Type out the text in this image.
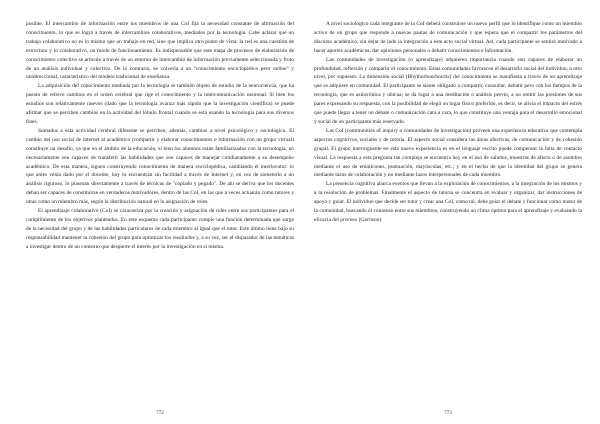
posible. El intercambio de información entre los miembros de una CoI fija la necesidad constante de afirmación del conocimiento, lo que se logra a través de intercambios colaborativos, mediados por la tecnología. Cabe aclarar que un trabajo colaborativo no es lo mismo que un trabajo en red, sino que implica otro punto de vista: la red es una cuestión de estructura y lo colaborativo, un modo de funcionamiento. Es indispensable que este mapa de procesos de elaboración de conocimiento colectivo se articule a través de un entorno de intercambio de información previamente seleccionada y fruto de un análisis individual y colectivo. De lo contrario, se volvería a un "conocimiento enciclopédico pero online" y unidireccional, característico del modelo tradicional de enseñanza.

La adquisición del conocimiento mediada por la tecnología se también objeto de estudio de la neurociencia, que ha puesto de relieve cambios en el orden cerebral que rige el conocimiento y la intercomunicación neuronal. Si bien los estudios son relativamente nuevos (dado que la tecnología avanza más rápido que la investigación científica) se puede afirmar que se perciben cambios en la actividad del lóbulo frontal cuando se está usando la tecnología para sus diversos fines.

Sumados a esta actividad cerebral diferente se perciben, además, cambios a nivel psicológico y sociológico. El cambio del uso social de internet al académico (compartir y elaborar conocimientos e información con un grupo virtual) constituye un desafío, ya que en el ámbito de la educación, si bien los alumnos están familiarizados con la tecnología, no necesariamente son capaces de transferir las habilidades que son capaces de manejar cotidianamente a su desempeño académico. De esta manera, siguen construyendo conocimiento de manera enciclopédica, cambiando el interlocutor: lo que antes venía dado por el docente, hoy lo encuentran sin facilidad a través de Internet y, en vez de someterlo a un análisis riguroso, lo plasman directamente a través de técnicas de "copiado y pegado". De ahí se deriva que los docentes deban ser capaces de constituirse en verdaderos motivadores, dentro de las CoI, en las que a veces actuarán como tutores y otras como un miembro más, según la distribución natural en la asignación de roles.

El aprendizaje colaborativo (CoI) se caracteriza por la creación y asignación de roles entre sus participantes para el cumplimiento de los objetivos planteados. En este esquema cada participante cumple una función determinada que surge de la necesidad del grupo y de las habilidades particulares de cada miembro al igual que el tutor. Este último tiene bajo su responsabilidad mantener la cohesión del grupo para optimizar los resultados y, a su vez, ser el disparador de las temáticas a investigar dentro de un contexto que despierte el interés por la investigación en sí misma.

772

A nivel sociológico cada integrante de la CoI deberá construirse un nuevo perfil que lo identifique como un miembro activo de un grupo que responde a nuevas pautas de comunicación y que espera que el compartir los parámetros del discurso académico, sin dejar de lado la integración a este acto social virtual. Así, cada participante se sentirá motivado a hacer aportes académicos, dar opiniones personales o debatir conocimientos e información.

Las comunidades de investigación (o aprendizaje) adquieren importancia cuando son capaces de elaborar un profundidad, reflexión y compartir el conocimiento. Estas comunidades favorecen el desarrollo social del individuo, a otro nivel, por supuesto. La dimensión social (Bhythorhoorhos/tis) del conocimiento se manifiesta a través de un aprendizaje que se adquiere en comunidad. El participante se siente obligado a compartir, consultar, debatir pero con los tiempos de la tecnología, que es asincrónica y ubicua; se da lugar a una meditación o análisis previo, a no omitir las presiones de sus pares expresando su respuesta, con la posibilidad de elegir su lugar físico preferido, es decir, se alivia el impacto del estrés que puede llegar a tener un debate o comunicación cara a cara, lo que constituye una ventaja para el desarrollo emocional y social de un participante más reservado.

Las CoI (communities of inquiry o comunidades de investigación) proveen una experiencia educativa que contempla aspectos cognitivos, sociales y de tutoría. El aspecto social considera las áreas afectivas, de comunicación y de cohesión grupal. El grupo interroguente en esta nueva experiencia es en el lenguaje escrito puede compensar la falta de contacto visual. La respuesta a esta pregunta tan compleja se encuentra hoy en el uso de saludos, muestras de afecto o de asombro mediante el uso de emoticones, puntuación, mayúsculas, etc.; y en el hecho de que la identidad del grupo se genera mediante lazos de colaboración y no mediante lazos interpersonales de cada miembro.

La presencia cognitiva abarca eventos que llevan a la exploración de conocimientos, a la integración de los mismos y a la resolución de problemas. Finalmente el aspecto de tutoría se concentra en evaluar y organizar, dar instrucciones de apoyo y guiar. El individuo que decide ser tutor y crear una CoI, como tal, debe guiar el debate y funcionar como motor de la comunidad, buscando el consenso entre sus miembros, construyendo un clima óptimo para el aprendizaje y evaluando la eficacia del proceso (Garrison).

773
